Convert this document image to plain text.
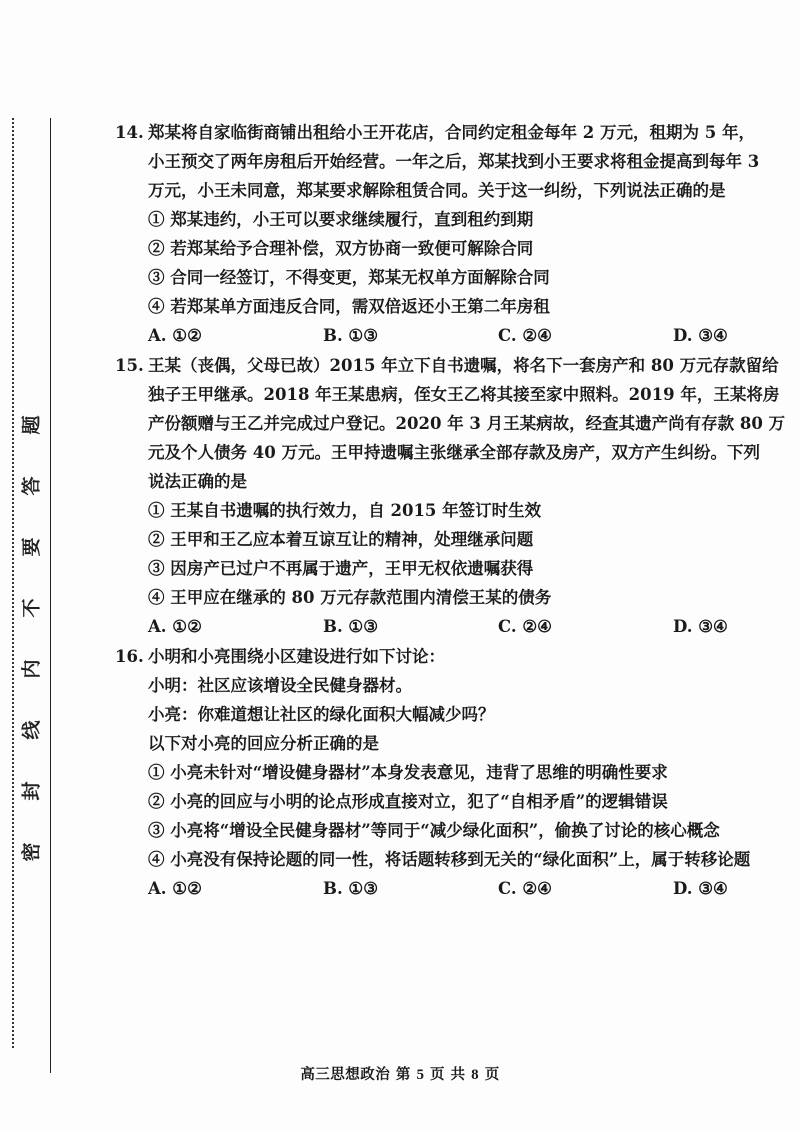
题
答
要
不
内
线
封
密
14. 郑某将自家临街商铺出租给小王开花店，合同约定租金每年 2 万元，租期为 5 年，
小王预交了两年房租后开始经营。一年之后，郑某找到小王要求将租金提高到每年 3
万元，小王未同意，郑某要求解除租赁合同。关于这一纠纷，下列说法正确的是
① 郑某违约，小王可以要求继续履行，直到租约到期
② 若郑某给予合理补偿，双方协商一致便可解除合同
③ 合同一经签订，不得变更，郑某无权单方面解除合同
④ 若郑某单方面违反合同，需双倍返还小王第二年房租
A. ①②	B. ①③	C. ②④	D. ③④
15. 王某（丧偶，父母已故）2015 年立下自书遗嘱，将名下一套房产和 80 万元存款留给
独子王甲继承。2018 年王某患病，侄女王乙将其接至家中照料。2019 年，王某将房
产份额赠与王乙并完成过户登记。2020 年 3 月王某病故，经查其遗产尚有存款 80 万
元及个人债务 40 万元。王甲持遗嘱主张继承全部存款及房产，双方产生纠纷。下列
说法正确的是
① 王某自书遗嘱的执行效力，自 2015 年签订时生效
② 王甲和王乙应本着互谅互让的精神，处理继承问题
③ 因房产已过户不再属于遗产，王甲无权依遗嘱获得
④ 王甲应在继承的 80 万元存款范围内清偿王某的债务
A. ①②	B. ①③	C. ②④	D. ③④
16. 小明和小亮围绕小区建设进行如下讨论：
小明：社区应该增设全民健身器材。
小亮：你难道想让社区的绿化面积大幅减少吗？
以下对小亮的回应分析正确的是
① 小亮未针对“增设健身器材”本身发表意见，违背了思维的明确性要求
② 小亮的回应与小明的论点形成直接对立，犯了“自相矛盾”的逻辑错误
③ 小亮将“增设全民健身器材”等同于“减少绿化面积”，偷换了讨论的核心概念
④ 小亮没有保持论题的同一性，将话题转移到无关的“绿化面积”上，属于转移论题
A. ①②	B. ①③	C. ②④	D. ③④
高三思想政治 第 5 页 共 8 页
